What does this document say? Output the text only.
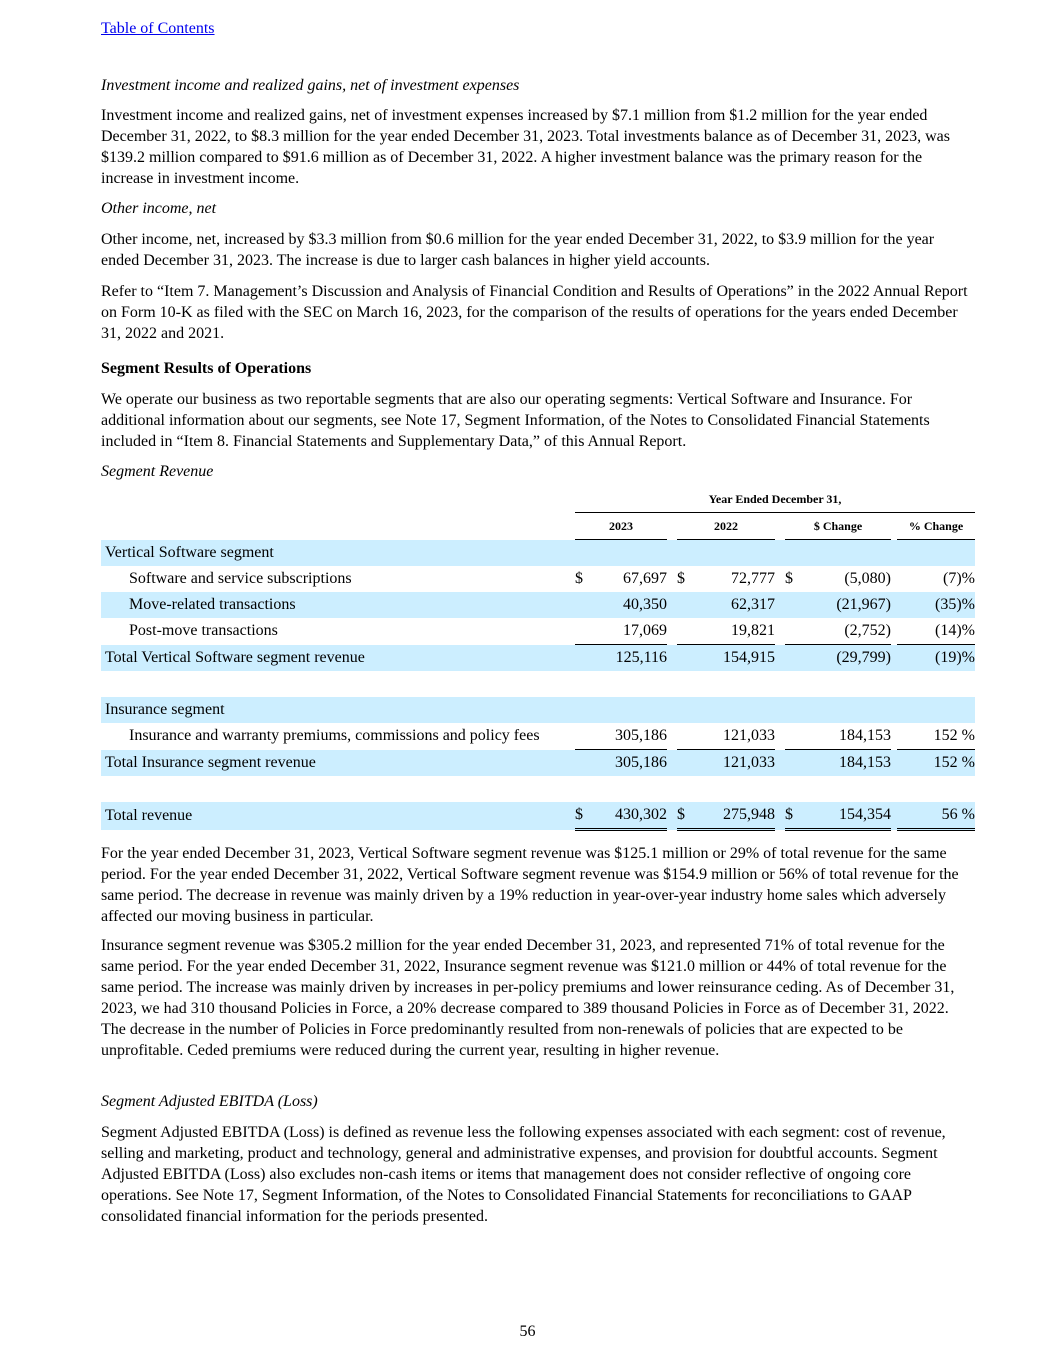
Table of Contents

Investment income and realized gains, net of investment expenses

Investment income and realized gains, net of investment expenses increased by $7.1 million from $1.2 million for the year ended December 31, 2022, to $8.3 million for the year ended December 31, 2023. Total investments balance as of December 31, 2023, was $139.2 million compared to $91.6 million as of December 31, 2022. A higher investment balance was the primary reason for the increase in investment income.

Other income, net

Other income, net, increased by $3.3 million from $0.6 million for the year ended December 31, 2022, to $3.9 million for the year ended December 31, 2023. The increase is due to larger cash balances in higher yield accounts.

Refer to “Item 7. Management’s Discussion and Analysis of Financial Condition and Results of Operations” in the 2022 Annual Report on Form 10-K as filed with the SEC on March 16, 2023, for the comparison of the results of operations for the years ended December 31, 2022 and 2021.

Segment Results of Operations

We operate our business as two reportable segments that are also our operating segments: Vertical Software and Insurance. For additional information about our segments, see Note 17, Segment Information, of the Notes to Consolidated Financial Statements included in “Item 8. Financial Statements and Supplementary Data,” of this Annual Report.

Segment Revenue

	Year Ended December 31,									
	2023			2022			$ Change			% Change
Vertical Software segment										
Software and service subscriptions	$	67,697		$	72,777		$	(5,080)		(7)%
Move-related transactions		40,350			62,317			(21,967)		(35)%
Post-move transactions		17,069			19,821			(2,752)		(14)%
Total Vertical Software segment revenue		125,116			154,915			(29,799)		(19)%

Insurance segment										
Insurance and warranty premiums, commissions and policy fees		305,186			121,033			184,153		152 %
Total Insurance segment revenue		305,186			121,033			184,153		152 %

Total revenue	$	430,302		$	275,948		$	154,354		56 %

For the year ended December 31, 2023, Vertical Software segment revenue was $125.1 million or 29% of total revenue for the same period. For the year ended December 31, 2022, Vertical Software segment revenue was $154.9 million or 56% of total revenue for the same period. The decrease in revenue was mainly driven by a 19% reduction in year-over-year industry home sales which adversely affected our moving business in particular.

Insurance segment revenue was $305.2 million for the year ended December 31, 2023, and represented 71% of total revenue for the same period. For the year ended December 31, 2022, Insurance segment revenue was $121.0 million or 44% of total revenue for the same period. The increase was mainly driven by increases in per-policy premiums and lower reinsurance ceding. As of December 31, 2023, we had 310 thousand Policies in Force, a 20% decrease compared to 389 thousand Policies in Force as of December 31, 2022. The decrease in the number of Policies in Force predominantly resulted from non-renewals of policies that are expected to be unprofitable. Ceded premiums were reduced during the current year, resulting in higher revenue.

Segment Adjusted EBITDA (Loss)

Segment Adjusted EBITDA (Loss) is defined as revenue less the following expenses associated with each segment: cost of revenue, selling and marketing, product and technology, general and administrative expenses, and provision for doubtful accounts. Segment Adjusted EBITDA (Loss) also excludes non-cash items or items that management does not consider reflective of ongoing core operations. See Note 17, Segment Information, of the Notes to Consolidated Financial Statements for reconciliations to GAAP consolidated financial information for the periods presented.

56
